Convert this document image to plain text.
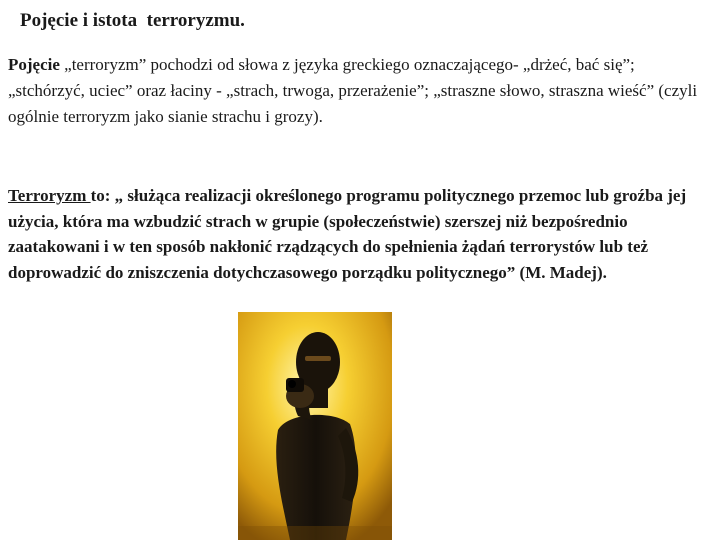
Pojęcie i istota  terroryzmu.
Pojęcie „terroryzm” pochodzi od słowa z języka greckiego oznaczającego- „drżeć, bać się”; „stchórzyć, uciec” oraz łaciny - „strach, trwoga, przerażenie”; „straszne słowo, straszna wieść” (czyli ogólnie terroryzm jako sianie strachu i grozy).
Terroryzm to: „ służąca realizacji określonego programu politycznego przemoc lub groźba jej użycia, która ma wzbudzić strach w grupie (społeczeństwie) szerszej niż bezpośrednio zaatakowani i w ten sposób nakłonić rządzących do spełnienia żądań terrorystów lub też doprowadzić do zniszczenia dotychczasowego porządku politycznego” (M. Madej).
